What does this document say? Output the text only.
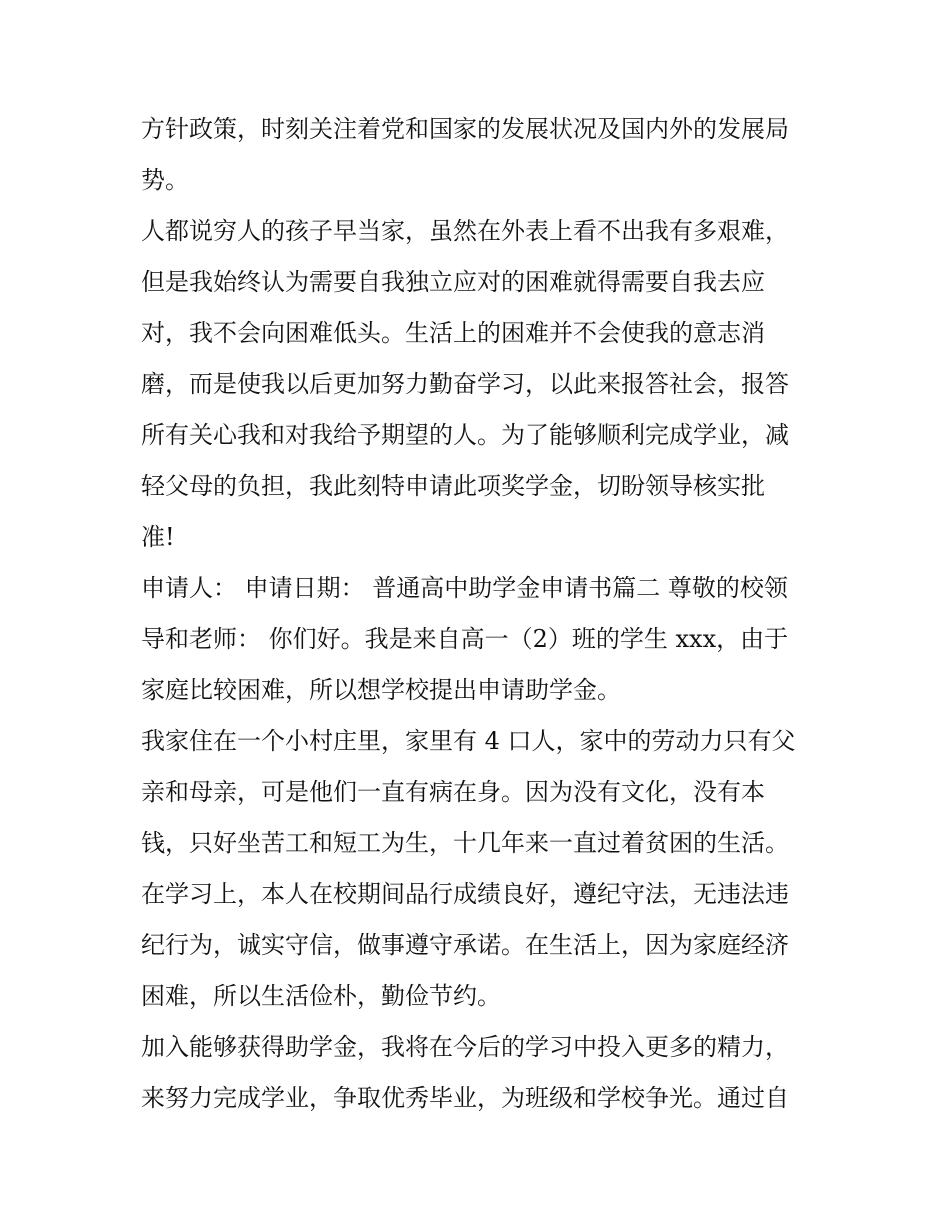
方针政策，时刻关注着党和国家的发展状况及国内外的发展局
势。
人都说穷人的孩子早当家，虽然在外表上看不出我有多艰难，
但是我始终认为需要自我独立应对的困难就得需要自我去应
对，我不会向困难低头。生活上的困难并不会使我的意志消
磨，而是使我以后更加努力勤奋学习，以此来报答社会，报答
所有关心我和对我给予期望的人。为了能够顺利完成学业，减
轻父母的负担，我此刻特申请此项奖学金，切盼领导核实批
准!
申请人： 申请日期： 普通高中助学金申请书篇二 尊敬的校领
导和老师： 你们好。我是来自高一（2）班的学生 xxx，由于
家庭比较困难，所以想学校提出申请助学金。
我家住在一个小村庄里，家里有 4 口人，家中的劳动力只有父
亲和母亲，可是他们一直有病在身。因为没有文化，没有本
钱，只好坐苦工和短工为生，十几年来一直过着贫困的生活。
在学习上，本人在校期间品行成绩良好，遵纪守法，无违法违
纪行为，诚实守信，做事遵守承诺。在生活上，因为家庭经济
困难，所以生活俭朴，勤俭节约。
加入能够获得助学金，我将在今后的学习中投入更多的精力，
来努力完成学业，争取优秀毕业，为班级和学校争光。通过自
